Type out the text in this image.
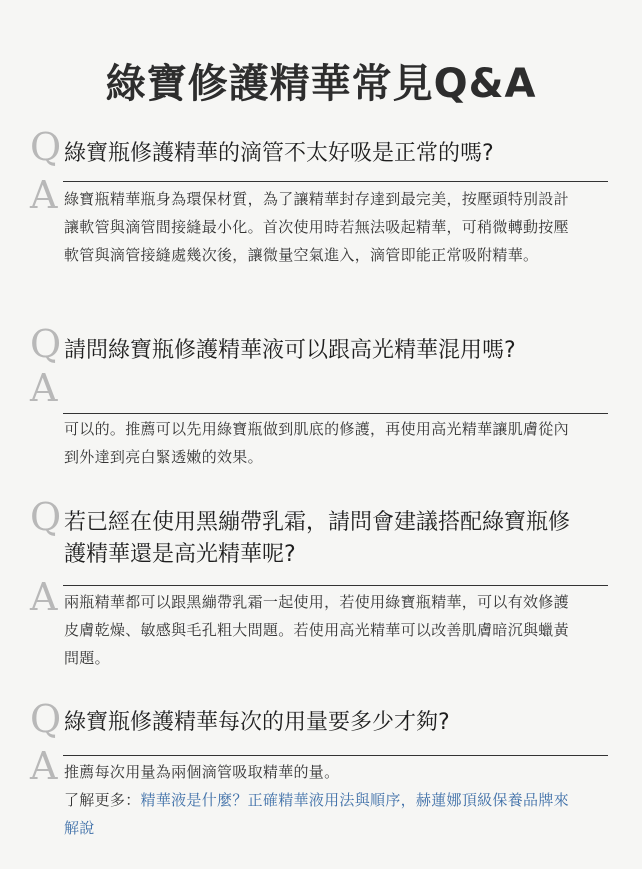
綠寶修護精華常見Q&A
Q 綠寶瓶修護精華的滴管不太好吸是正常的嗎?
A 綠寶瓶精華瓶身為環保材質，為了讓精華封存達到最完美，按壓頭特別設計讓軟管與滴管間接縫最小化。首次使用時若無法吸起精華，可稍微轉動按壓軟管與滴管接縫處幾次後，讓微量空氣進入，滴管即能正常吸附精華。
Q 請問綠寶瓶修護精華液可以跟高光精華混用嗎?
A
可以的。推薦可以先用綠寶瓶做到肌底的修護，再使用高光精華讓肌膚從內到外達到亮白緊透嫩的效果。
Q 若已經在使用黑繃帶乳霜，請問會建議搭配綠寶瓶修護精華還是高光精華呢?
A 兩瓶精華都可以跟黑繃帶乳霜一起使用，若使用綠寶瓶精華，可以有效修護皮膚乾燥、敏感與毛孔粗大問題。若使用高光精華可以改善肌膚暗沉與蠟黃問題。
Q 綠寶瓶修護精華每次的用量要多少才夠?
A 推薦每次用量為兩個滴管吸取精華的量。
了解更多：精華液是什麼？正確精華液用法與順序，赫蓮娜頂級保養品牌來解說
